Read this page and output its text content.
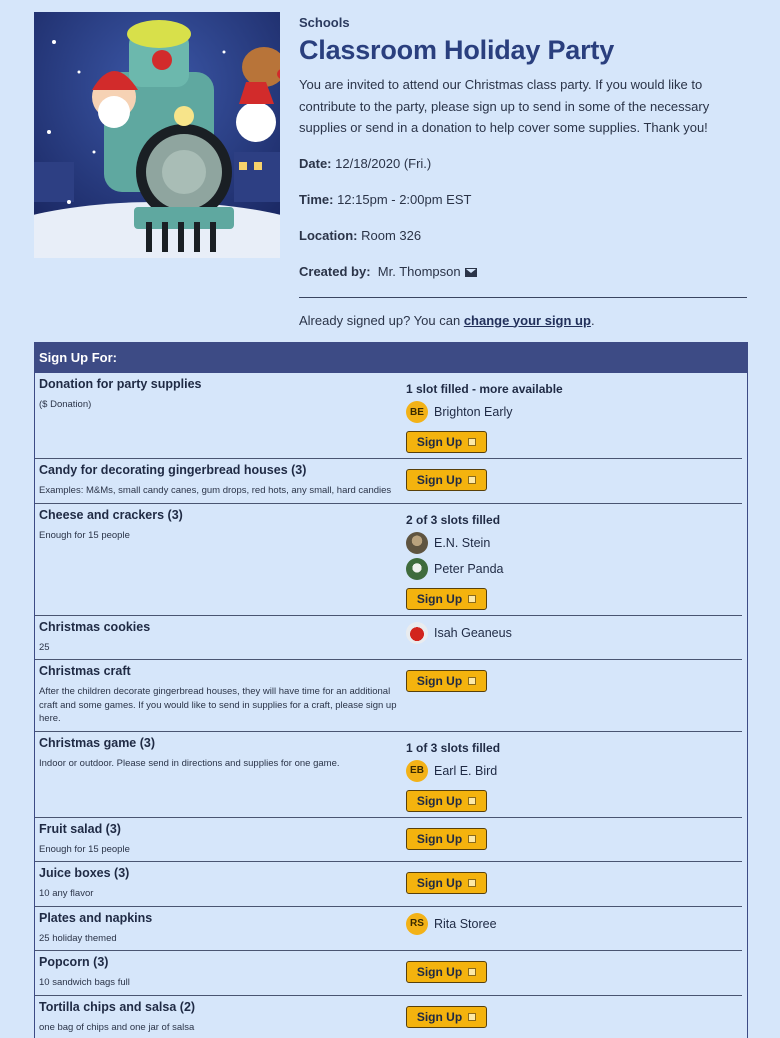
Schools
Classroom Holiday Party
You are invited to attend our Christmas class party. If you would like to contribute to the party, please sign up to send in some of the necessary supplies or send in a donation to help cover some supplies. Thank you!
Date: 12/18/2020 (Fri.)
Time: 12:15pm - 2:00pm EST
Location: Room 326
Created by: Mr. Thompson
Already signed up? You can change your sign up.
Sign Up For:
Donation for party supplies
($ Donation)
1 slot filled - more available
BE Brighton Early
Sign Up
Candy for decorating gingerbread houses (3)
Examples: M&Ms, small candy canes, gum drops, red hots, any small, hard candies
Sign Up
Cheese and crackers (3)
Enough for 15 people
2 of 3 slots filled
E.N. Stein
Peter Panda
Sign Up
Christmas cookies
25
Isah Geaneus
Christmas craft
After the children decorate gingerbread houses, they will have time for an additional craft and some games. If you would like to send in supplies for a craft, please sign up here.
Sign Up
Christmas game (3)
Indoor or outdoor. Please send in directions and supplies for one game.
1 of 3 slots filled
EB Earl E. Bird
Sign Up
Fruit salad (3)
Enough for 15 people
Sign Up
Juice boxes (3)
10 any flavor
Sign Up
Plates and napkins
25 holiday themed
RS Rita Storee
Popcorn (3)
10 sandwich bags full
Sign Up
Tortilla chips and salsa (2)
one bag of chips and one jar of salsa
Sign Up
